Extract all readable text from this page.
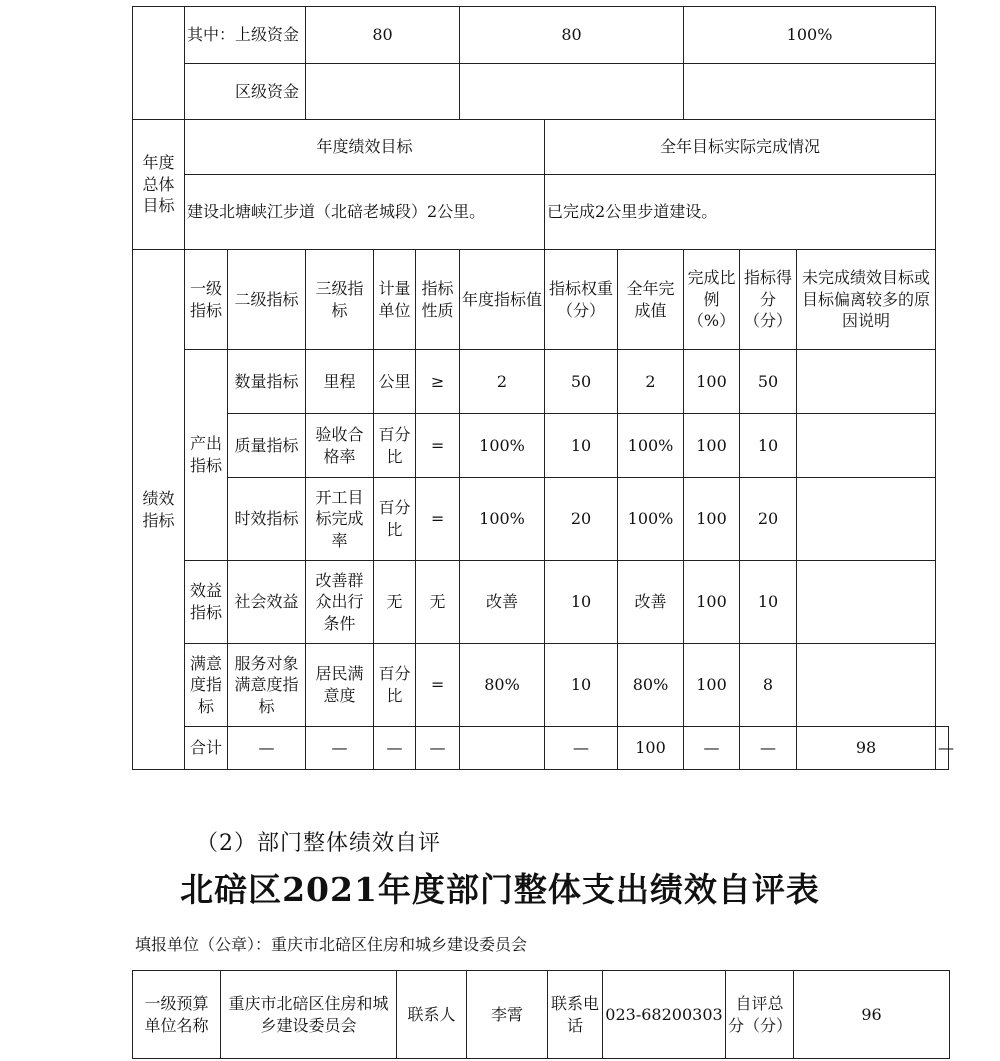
	其中：上级资金		80			80			100%			
	区级资金											
年度总体目标	年度绩效目标						全年目标实际完成情况					
	建设北塘峡江步道（北碚老城段）2公里。						已完成2公里步道建设。					
绩效指标	一级指标	二级指标	三级指标	计量单位	指标性质	年度指标值	指标权重（分）	全年完成值	完成比例（%）	指标得分（分）	未完成绩效目标或目标偏离较多的原因说明	
	产出指标	数量指标	里程	公里	≥	2	50	2	100	50		
		质量指标	验收合格率	百分比	=	100%	10	100%	100	10		
		时效指标	开工目标完成率	百分比	=	100%	20	100%	100	20		
	效益指标	社会效益	改善群众出行条件	无	无	改善	10	改善	100	10		
	满意度指标	服务对象满意度指标	居民满意度	百分比	=	80%	10	80%	100	8		
	合计	—	—	—	—		—	100	—	—	98	—
（2）部门整体绩效自评
北碚区2021年度部门整体支出绩效自评表
填报单位（公章）：重庆市北碚区住房和城乡建设委员会
一级预算 单位名称	重庆市北碚区住房和城乡建设委员会	联系人	李霄	联系电话	023-68200303	自评总分（分）	96
